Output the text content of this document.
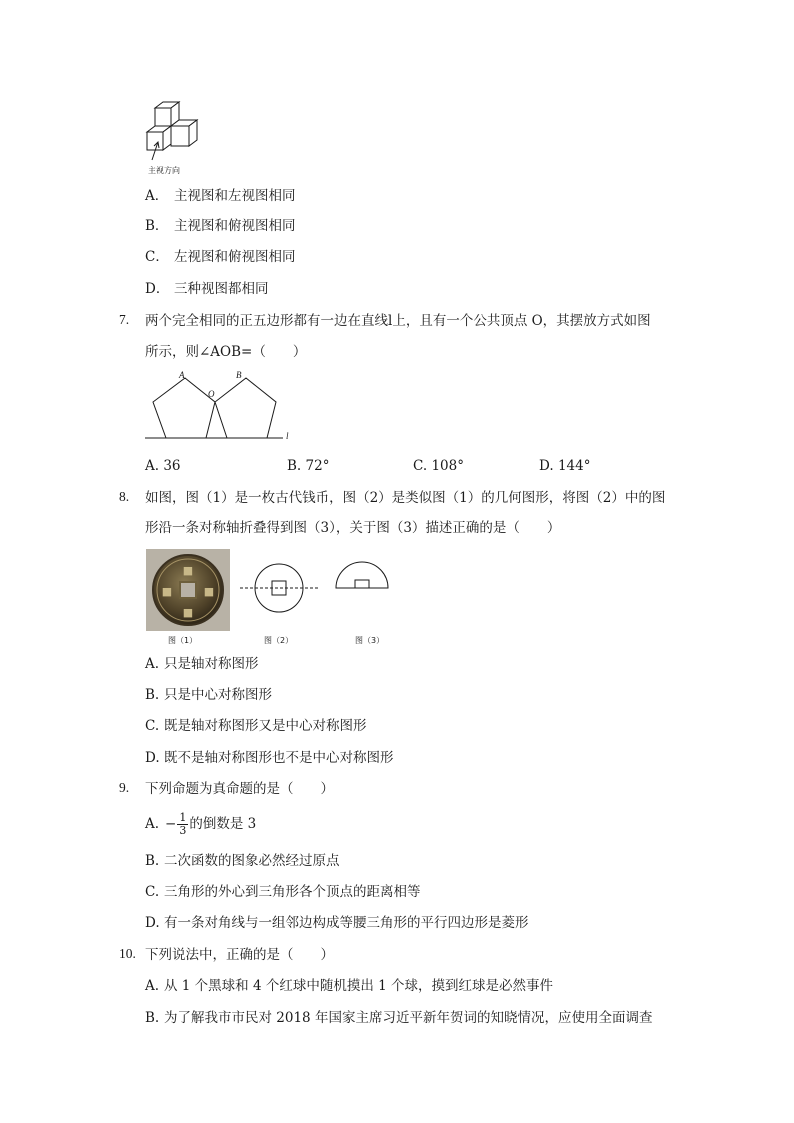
主视方向
A． 主视图和左视图相同
B． 主视图和俯视图相同
C． 左视图和俯视图相同
D． 三种视图都相同
7. 两个完全相同的正五边形都有一边在直线l上，且有一个公共顶点 O，其摆放方式如图
所示，则∠AOB=（　　）
A
O
B
l
A. 36	B. 72°	C. 108°	D. 144°
8. 如图，图（1）是一枚古代钱币，图（2）是类似图（1）的几何图形，将图（2）中的图
形沿一条对称轴折叠得到图（3），关于图（3）描述正确的是（　　）
■
■
■	■
图（1）	图（2）	图（3）
A. 只是轴对称图形
B. 只是中心对称图形
C. 既是轴对称图形又是中心对称图形
D. 既不是轴对称图形也不是中心对称图形
9. 下列命题为真命题的是（　　）
A. − $\frac{1}{3}$ 的倒数是 3
B. 二次函数的图象必然经过原点
C. 三角形的外心到三角形各个顶点的距离相等
D. 有一条对角线与一组邻边构成等腰三角形的平行四边形是菱形
10. 下列说法中，正确的是（　　）
A. 从 1 个黑球和 4 个红球中随机摸出 1 个球，摸到红球是必然事件
B. 为了解我市市民对 2018 年国家主席习近平新年贺词的知晓情况，应使用全面调查
